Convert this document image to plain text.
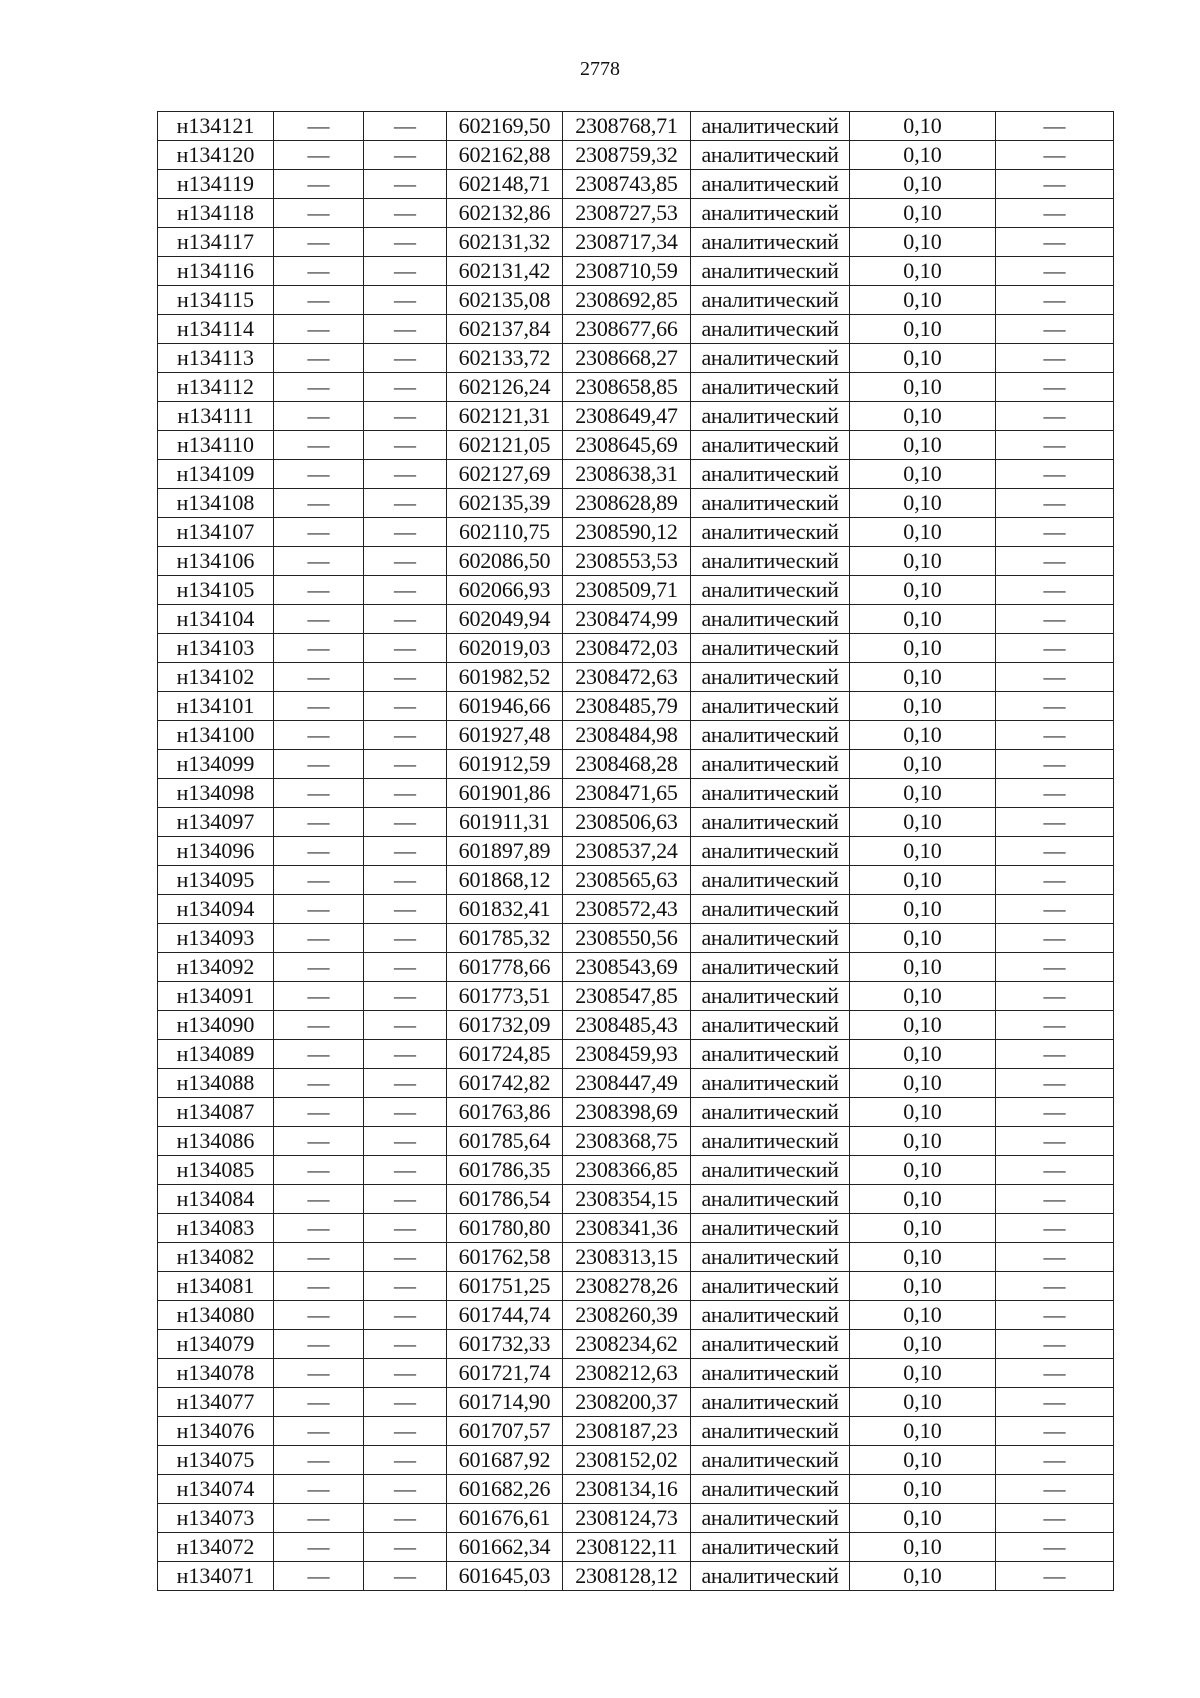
2778
н134121	—	—	602169,50	2308768,71	аналитический	0,10	—
н134120	—	—	602162,88	2308759,32	аналитический	0,10	—
н134119	—	—	602148,71	2308743,85	аналитический	0,10	—
н134118	—	—	602132,86	2308727,53	аналитический	0,10	—
н134117	—	—	602131,32	2308717,34	аналитический	0,10	—
н134116	—	—	602131,42	2308710,59	аналитический	0,10	—
н134115	—	—	602135,08	2308692,85	аналитический	0,10	—
н134114	—	—	602137,84	2308677,66	аналитический	0,10	—
н134113	—	—	602133,72	2308668,27	аналитический	0,10	—
н134112	—	—	602126,24	2308658,85	аналитический	0,10	—
н134111	—	—	602121,31	2308649,47	аналитический	0,10	—
н134110	—	—	602121,05	2308645,69	аналитический	0,10	—
н134109	—	—	602127,69	2308638,31	аналитический	0,10	—
н134108	—	—	602135,39	2308628,89	аналитический	0,10	—
н134107	—	—	602110,75	2308590,12	аналитический	0,10	—
н134106	—	—	602086,50	2308553,53	аналитический	0,10	—
н134105	—	—	602066,93	2308509,71	аналитический	0,10	—
н134104	—	—	602049,94	2308474,99	аналитический	0,10	—
н134103	—	—	602019,03	2308472,03	аналитический	0,10	—
н134102	—	—	601982,52	2308472,63	аналитический	0,10	—
н134101	—	—	601946,66	2308485,79	аналитический	0,10	—
н134100	—	—	601927,48	2308484,98	аналитический	0,10	—
н134099	—	—	601912,59	2308468,28	аналитический	0,10	—
н134098	—	—	601901,86	2308471,65	аналитический	0,10	—
н134097	—	—	601911,31	2308506,63	аналитический	0,10	—
н134096	—	—	601897,89	2308537,24	аналитический	0,10	—
н134095	—	—	601868,12	2308565,63	аналитический	0,10	—
н134094	—	—	601832,41	2308572,43	аналитический	0,10	—
н134093	—	—	601785,32	2308550,56	аналитический	0,10	—
н134092	—	—	601778,66	2308543,69	аналитический	0,10	—
н134091	—	—	601773,51	2308547,85	аналитический	0,10	—
н134090	—	—	601732,09	2308485,43	аналитический	0,10	—
н134089	—	—	601724,85	2308459,93	аналитический	0,10	—
н134088	—	—	601742,82	2308447,49	аналитический	0,10	—
н134087	—	—	601763,86	2308398,69	аналитический	0,10	—
н134086	—	—	601785,64	2308368,75	аналитический	0,10	—
н134085	—	—	601786,35	2308366,85	аналитический	0,10	—
н134084	—	—	601786,54	2308354,15	аналитический	0,10	—
н134083	—	—	601780,80	2308341,36	аналитический	0,10	—
н134082	—	—	601762,58	2308313,15	аналитический	0,10	—
н134081	—	—	601751,25	2308278,26	аналитический	0,10	—
н134080	—	—	601744,74	2308260,39	аналитический	0,10	—
н134079	—	—	601732,33	2308234,62	аналитический	0,10	—
н134078	—	—	601721,74	2308212,63	аналитический	0,10	—
н134077	—	—	601714,90	2308200,37	аналитический	0,10	—
н134076	—	—	601707,57	2308187,23	аналитический	0,10	—
н134075	—	—	601687,92	2308152,02	аналитический	0,10	—
н134074	—	—	601682,26	2308134,16	аналитический	0,10	—
н134073	—	—	601676,61	2308124,73	аналитический	0,10	—
н134072	—	—	601662,34	2308122,11	аналитический	0,10	—
н134071	—	—	601645,03	2308128,12	аналитический	0,10	—
